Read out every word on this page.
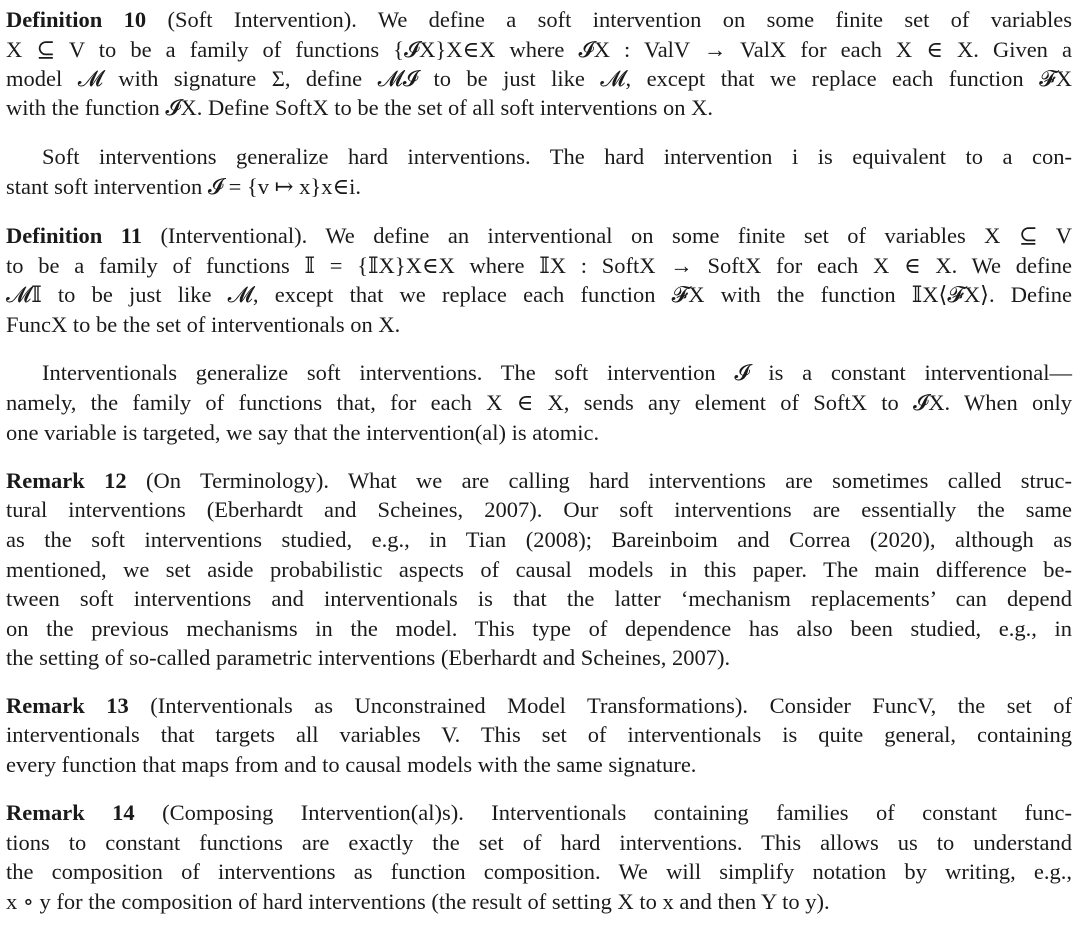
Definition 10 (Soft Intervention). We define a soft intervention on some finite set of variables
X ⊆ V to be a family of functions {𝓘X}X∈X where 𝓘X : ValV → ValX for each X ∈ X. Given a
model 𝓜 with signature Σ, define 𝓜𝓘 to be just like 𝓜, except that we replace each function 𝓕X
with the function 𝓘X. Define SoftX to be the set of all soft interventions on X.
Soft interventions generalize hard interventions. The hard intervention i is equivalent to a con-
stant soft intervention 𝓘 = {v ↦ x}x∈i.
Definition 11 (Interventional). We define an interventional on some finite set of variables X ⊆ V
to be a family of functions 𝕀 = {𝕀X}X∈X where 𝕀X : SoftX → SoftX for each X ∈ X. We define
𝓜𝕀 to be just like 𝓜, except that we replace each function 𝓕X with the function 𝕀X⟨𝓕X⟩. Define
FuncX to be the set of interventionals on X.
Interventionals generalize soft interventions. The soft intervention 𝓘 is a constant interventional—
namely, the family of functions that, for each X ∈ X, sends any element of SoftX to 𝓘X. When only
one variable is targeted, we say that the intervention(al) is atomic.
Remark 12 (On Terminology). What we are calling hard interventions are sometimes called struc-
tural interventions (Eberhardt and Scheines, 2007). Our soft interventions are essentially the same
as the soft interventions studied, e.g., in Tian (2008); Bareinboim and Correa (2020), although as
mentioned, we set aside probabilistic aspects of causal models in this paper. The main difference be-
tween soft interventions and interventionals is that the latter ‘mechanism replacements’ can depend
on the previous mechanisms in the model. This type of dependence has also been studied, e.g., in
the setting of so-called parametric interventions (Eberhardt and Scheines, 2007).
Remark 13 (Interventionals as Unconstrained Model Transformations). Consider FuncV, the set of
interventionals that targets all variables V. This set of interventionals is quite general, containing
every function that maps from and to causal models with the same signature.
Remark 14 (Composing Intervention(al)s). Interventionals containing families of constant func-
tions to constant functions are exactly the set of hard interventions. This allows us to understand
the composition of interventions as function composition. We will simplify notation by writing, e.g.,
x ∘ y for the composition of hard interventions (the result of setting X to x and then Y to y).
